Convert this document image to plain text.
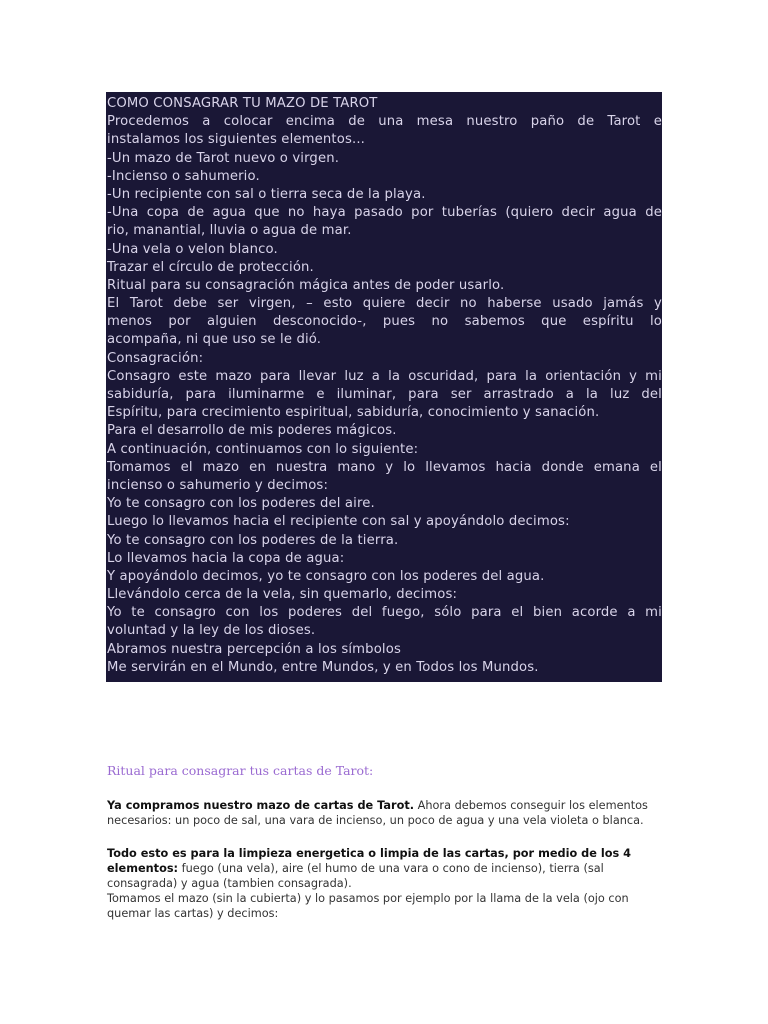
COMO CONSAGRAR TU MAZO DE TAROT
Procedemos a colocar encima de una mesa nuestro paño de Tarot e
instalamos los siguientes elementos...
-Un mazo de Tarot nuevo o virgen.
-Incienso o sahumerio.
-Un recipiente con sal o tierra seca de la playa.
-Una copa de agua que no haya pasado por tuberías (quiero decir agua de
rio, manantial, lluvia o agua de mar.
-Una vela o velon blanco.
Trazar el círculo de protección.
Ritual para su consagración mágica antes de poder usarlo.
El Tarot debe ser virgen, – esto quiere decir no haberse usado jamás y
menos por alguien desconocido-, pues no sabemos que espíritu lo
acompaña, ni que uso se le dió.
Consagración:
Consagro este mazo para llevar luz a la oscuridad, para la orientación y mi
sabiduría, para iluminarme e iluminar, para ser arrastrado a la luz del
Espíritu, para crecimiento espiritual, sabiduría, conocimiento y sanación.
Para el desarrollo de mis poderes mágicos.
A continuación, continuamos con lo siguiente:
Tomamos el mazo en nuestra mano y lo llevamos hacia donde emana el
incienso o sahumerio y decimos:
Yo te consagro con los poderes del aire.
Luego lo llevamos hacia el recipiente con sal y apoyándolo decimos:
Yo te consagro con los poderes de la tierra.
Lo llevamos hacia la copa de agua:
Y apoyándolo decimos, yo te consagro con los poderes del agua.
Llevándolo cerca de la vela, sin quemarlo, decimos:
Yo te consagro con los poderes del fuego, sólo para el bien acorde a mi
voluntad y la ley de los dioses.
Abramos nuestra percepción a los símbolos
Me servirán en el Mundo, entre Mundos, y en Todos los Mundos.
Ritual para consagrar tus cartas de Tarot:
Ya compramos nuestro mazo de cartas de Tarot. Ahora debemos conseguir los elementos necesarios: un poco de sal, una vara de incienso, un poco de agua y una vela violeta o blanca.
Todo esto es para la limpieza energetica o limpia de las cartas, por medio de los 4 elementos: fuego (una vela), aire (el humo de una vara o cono de incienso), tierra (sal consagrada) y agua (tambien consagrada).
Tomamos el mazo (sin la cubierta) y lo pasamos por ejemplo por la llama de la vela (ojo con quemar las cartas) y decimos:
